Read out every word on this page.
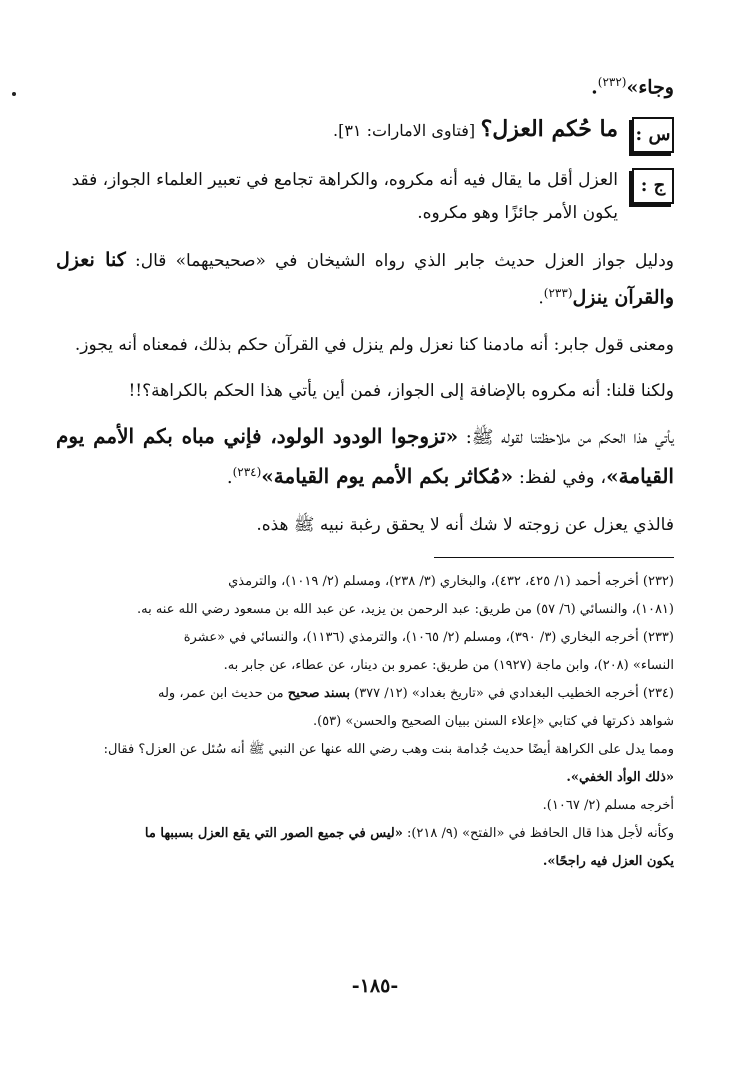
وجاء»$^{(٢٣٢)}$.
س :
ما حُكم العزل؟ [فتاوى الامارات: ٣١].
ج :
العزل أقل ما يقال فيه أنه مكروه، والكراهة تجامع في تعبير العلماء الجواز، فقد يكون الأمر جائزًا وهو مكروه.
ودليل جواز العزل حديث جابر الذي رواه الشيخان في «صحيحيهما» قال: كنا نعزل والقرآن ينزل$^{(٢٣٣)}$.
ومعنى قول جابر: أنه مادمنا كنا نعزل ولم ينزل في القرآن حكم بذلك، فمعناه أنه يجوز.
ولكنا قلنا: أنه مكروه بالإضافة إلى الجواز، فمن أين يأتي هذا الحكم بالكراهة؟!!
يأتي هذا الحكم من ملاحظتنا لقوله ﷺ: «تزوجوا الودود الولود، فإني مباه بكم الأمم يوم القيامة»، وفي لفظ: «مُكاثر بكم الأمم يوم القيامة»$^{(٢٣٤)}$.
فالذي يعزل عن زوجته لا شك أنه لا يحقق رغبة نبيه ﷺ هذه.
(٢٣٢) أخرجه أحمد (١/ ٤٢٥، ٤٣٢)، والبخاري (٣/ ٢٣٨)، ومسلم (٢/ ١٠١٩)، والترمذي
(١٠٨١)، والنسائي (٦/ ٥٧) من طريق: عبد الرحمن بن يزيد، عن عبد الله بن مسعود رضي الله عنه به.
(٢٣٣) أخرجه البخاري (٣/ ٣٩٠)، ومسلم (٢/ ١٠٦٥)، والترمذي (١١٣٦)، والنسائي في «عشرة
النساء» (٢٠٨)، وابن ماجة (١٩٢٧) من طريق: عمرو بن دينار، عن عطاء، عن جابر به.
(٢٣٤) أخرجه الخطيب البغدادي في «تاريخ بغداد» (١٢/ ٣٧٧) بسند صحيح من حديث ابن عمر، وله
شواهد ذكرتها في كتابي «إعلاء السنن ببيان الصحيح والحسن» (٥٣).
ومما يدل على الكراهة أيضًا حديث جُدامة بنت وهب رضي الله عنها عن النبي ﷺ أنه سُئل عن العزل؟ فقال:
«ذلك الوأد الخفي».
أخرجه مسلم (٢/ ١٠٦٧).
وكأنه لأجل هذا قال الحافظ في «الفتح» (٩/ ٢١٨): «ليس في جميع الصور التي يقع العزل بسببها ما
يكون العزل فيه راجحًا».
-١٨٥-
